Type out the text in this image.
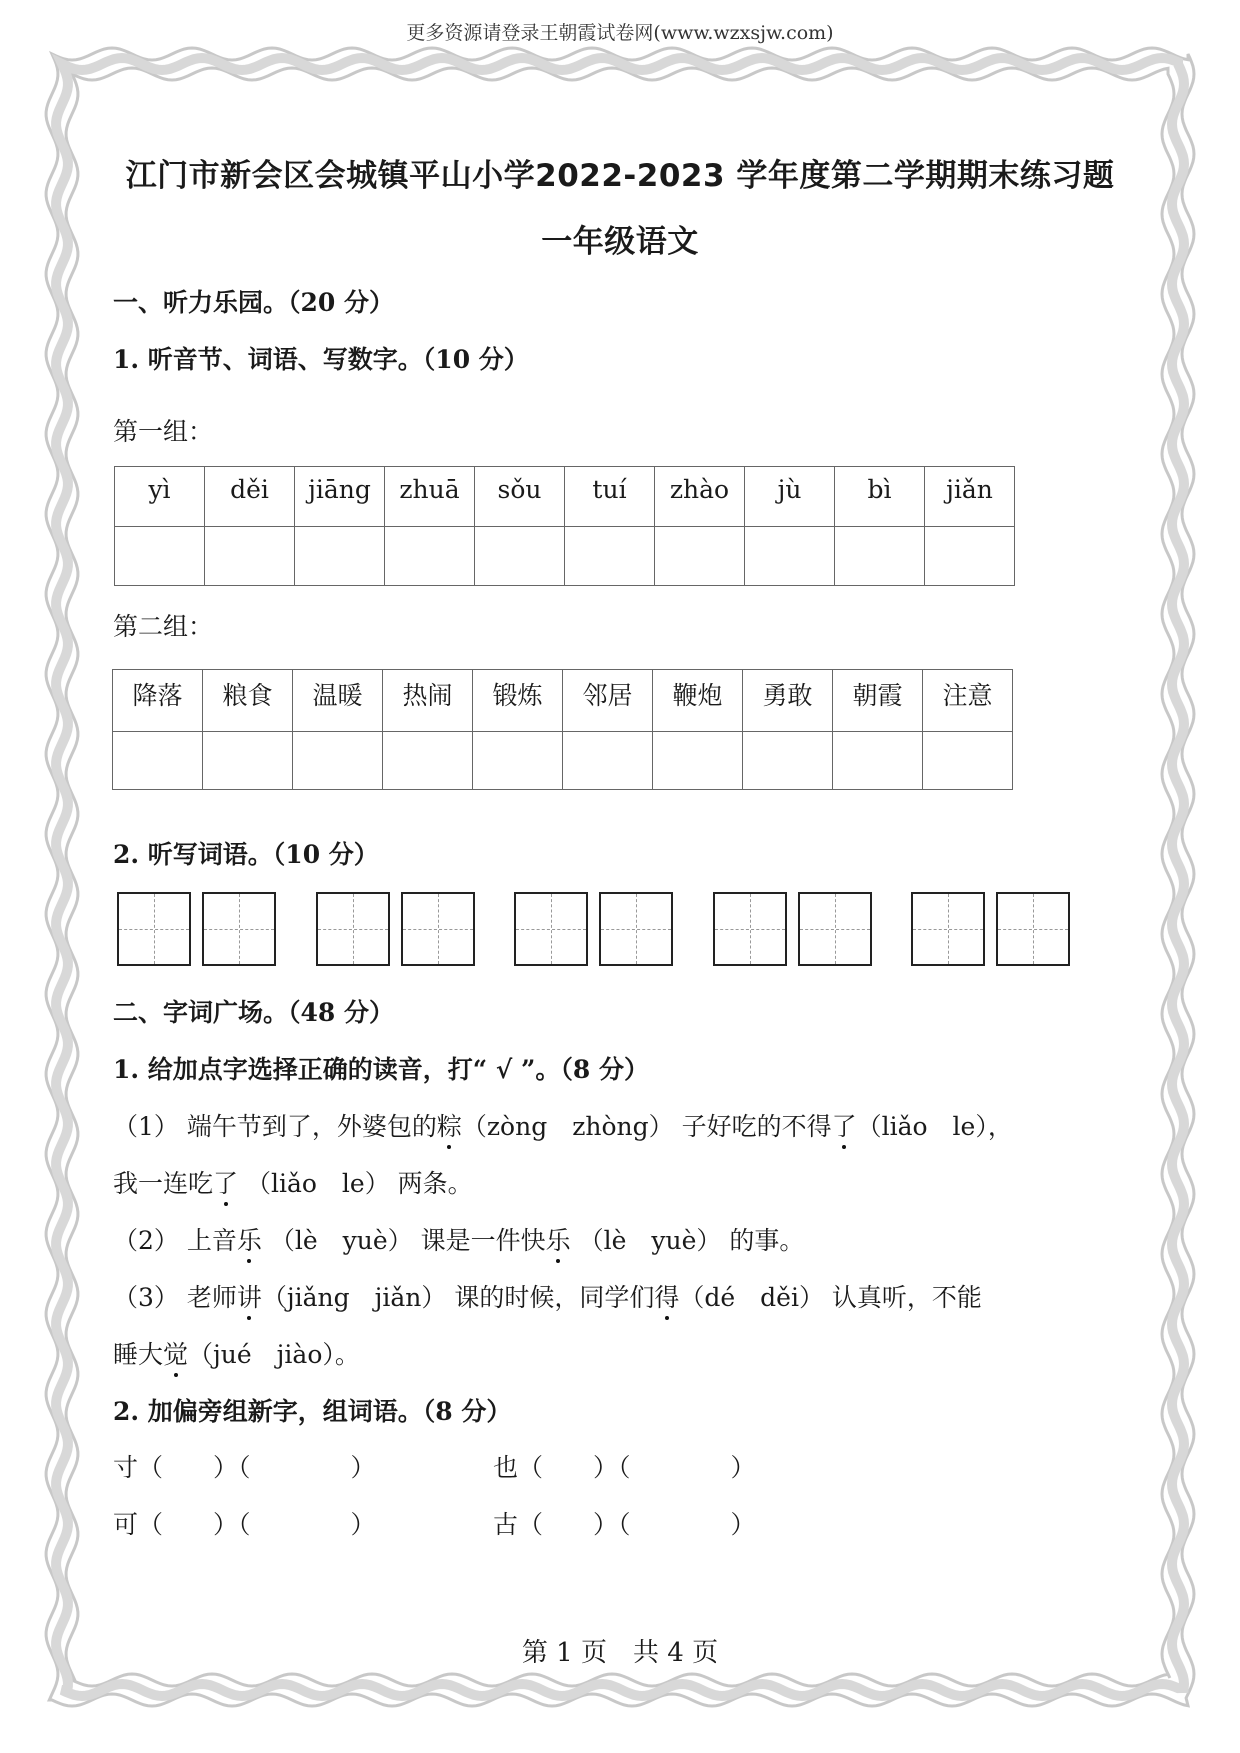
更多资源请登录王朝霞试卷网(www.wzxsjw.com)
江门市新会区会城镇平山小学2022-2023 学年度第二学期期末练习题
一年级语文
一、听力乐园。（20 分）
1. 听音节、词语、写数字。（10 分）
第一组：
yì	děi	jiāng	zhuā	sǒu	tuí	zhào	jù	bì	jiǎn

第二组：
降落	粮食	温暖	热闹	锻炼	邻居	鞭炮	勇敢	朝霞	注意

2. 听写词语。（10 分）
二、字词广场。（48 分）
1. 给加点字选择正确的读音，打“ √ ”。（8 分）
（1） 端午节到了，外婆包的粽（zòng　zhòng） 子好吃的不得了（liǎo　le），
我一连吃了 （liǎo　le） 两条。
（2） 上音乐 （lè　yuè） 课是一件快乐 （lè　yuè） 的事。
（3） 老师讲（jiǎng　jiǎn） 课的时候，同学们得（dé　děi） 认真听，不能
睡大觉（jué　jiào）。
2. 加偏旁组新字，组词语。（8 分）
寸（　　）（　　　　）	也（　　）（　　　　）
可（　　）（　　　　）	古（　　）（　　　　）
第 1 页　共 4 页
